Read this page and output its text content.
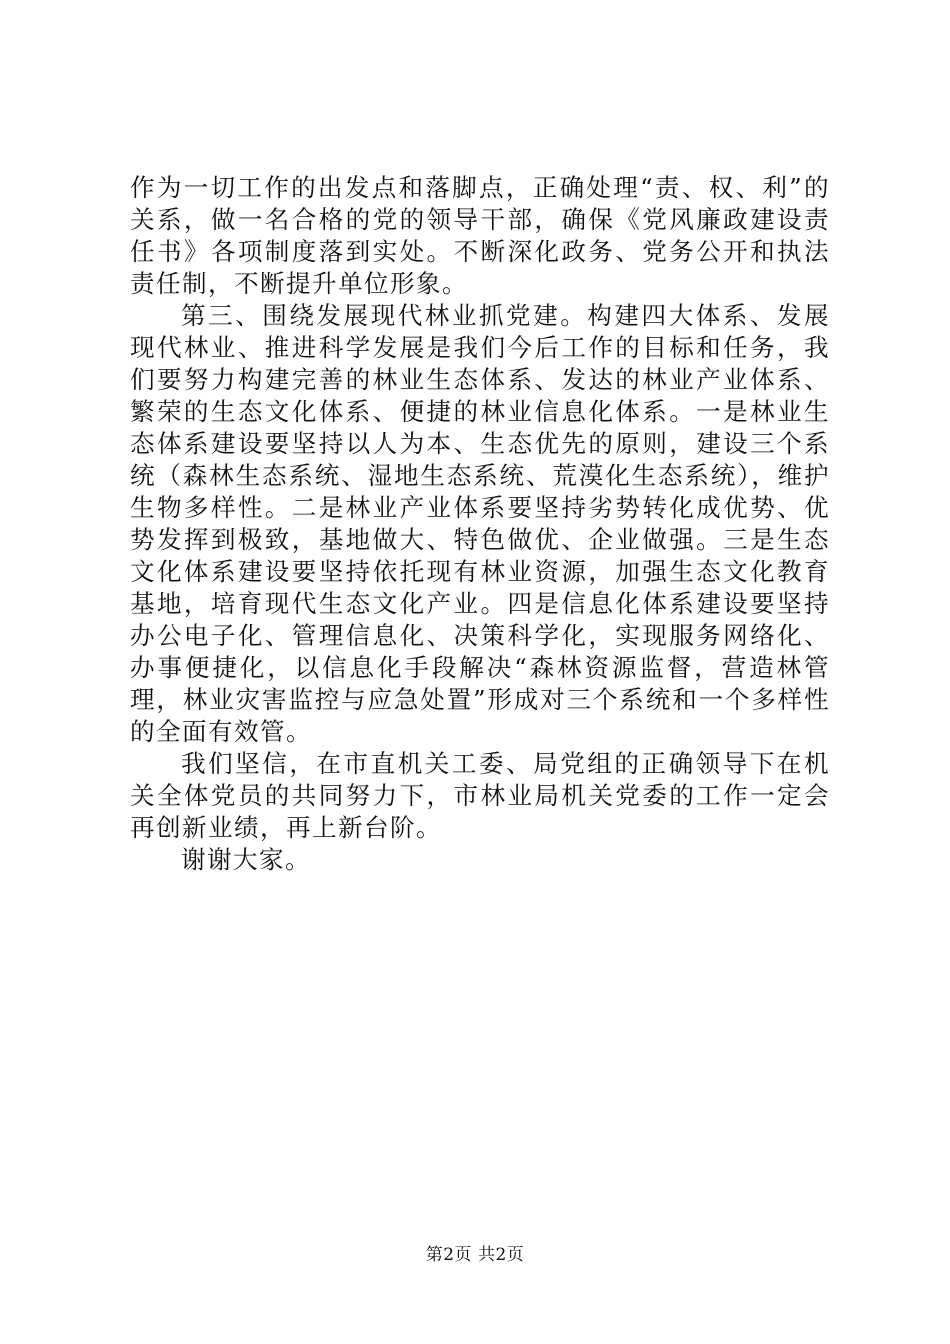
作为一切工作的出发点和落脚点，正确处理“责、权、利”的关系，做一名合格的党的领导干部，确保《党风廉政建设责任书》各项制度落到实处。不断深化政务、党务公开和执法责任制，不断提升单位形象。

第三、围绕发展现代林业抓党建。构建四大体系、发展现代林业、推进科学发展是我们今后工作的目标和任务，我们要努力构建完善的林业生态体系、发达的林业产业体系、繁荣的生态文化体系、便捷的林业信息化体系。一是林业生态体系建设要坚持以人为本、生态优先的原则，建设三个系统（森林生态系统、湿地生态系统、荒漠化生态系统），维护生物多样性。二是林业产业体系要坚持劣势转化成优势、优势发挥到极致，基地做大、特色做优、企业做强。三是生态文化体系建设要坚持依托现有林业资源，加强生态文化教育基地，培育现代生态文化产业。四是信息化体系建设要坚持办公电子化、管理信息化、决策科学化，实现服务网络化、办事便捷化，以信息化手段解决“森林资源监督，营造林管理，林业灾害监控与应急处置”形成对三个系统和一个多样性的全面有效管。

我们坚信，在市直机关工委、局党组的正确领导下在机关全体党员的共同努力下，市林业局机关党委的工作一定会再创新业绩，再上新台阶。

谢谢大家。

第2页 共2页
